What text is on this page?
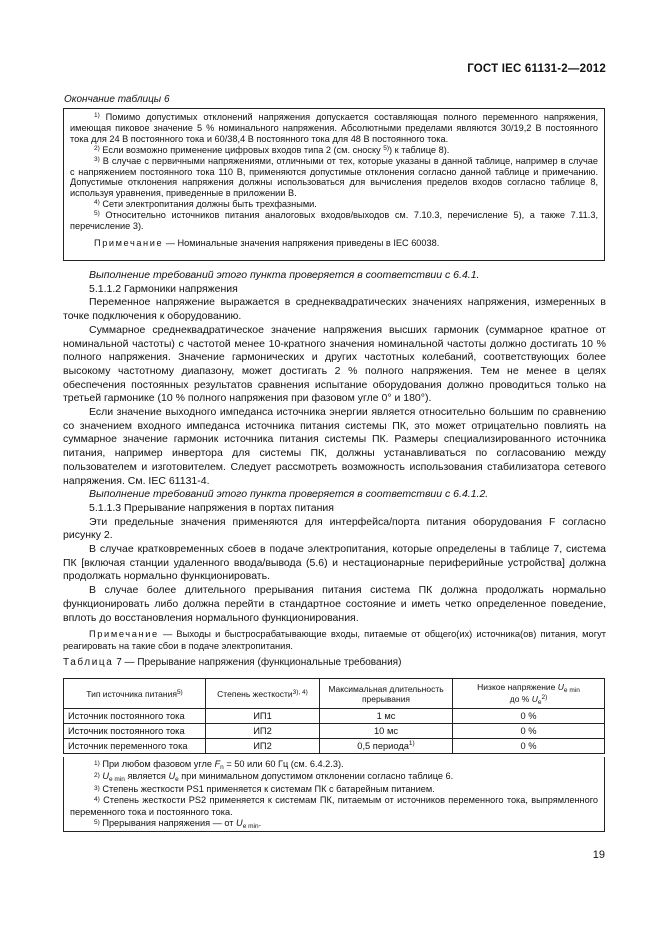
ГОСТ IEC 61131-2—2012
Окончание таблицы 6

$^{1)}$ Помимо допустимых отклонений напряжения допускается составляющая полного переменного напряжения, имеющая пиковое значение 5 % номинального напряжения. Абсолютными пределами являются 30/19,2 В постоянного тока для 24 В постоянного тока и 60/38,4 В постоянного тока для 48 В постоянного тока.

$^{2)}$ Если возможно применение цифровых входов типа 2 (см. сноску $^{5)}$) к таблице 8).

$^{3)}$ В случае с первичными напряжениями, отличными от тех, которые указаны в данной таблице, например в случае с напряжением постоянного тока 110 В, применяются допустимые отклонения согласно данной таблице и примечанию. Допустимые отклонения напряжения должны использоваться для вычисления пределов входов согласно таблице 8, используя уравнения, приведенные в приложении В.

$^{4)}$ Сети электропитания должны быть трехфазными.

$^{5)}$ Относительно источников питания аналоговых входов/выходов см. 7.10.3, перечисление 5), а также 7.11.3, перечисление 3).

Примечание — Номинальные значения напряжения приведены в IEC 60038.

Выполнение требований этого пункта проверяется в соответствии с 6.4.1.

5.1.1.2 Гармоники напряжения

Переменное напряжение выражается в среднеквадратических значениях напряжения, измеренных в точке подключения к оборудованию.

Суммарное среднеквадратическое значение напряжения высших гармоник (суммарное кратное от номинальной частоты) с частотой менее 10-кратного значения номинальной частоты должно достигать 10 % полного напряжения. Значение гармонических и других частотных колебаний, соответствующих более высокому частотному диапазону, может достигать 2 % полного напряжения. Тем не менее в целях обеспечения постоянных результатов сравнения испытание оборудования должно проводиться только на третьей гармонике (10 % полного напряжения при фазовом угле 0° и 180°).

Если значение выходного импеданса источника энергии является относительно большим по сравнению со значением входного импеданса источника питания системы ПК, это может отрицательно повлиять на суммарное значение гармоник источника питания системы ПК. Размеры специализированного источника питания, например инвертора для системы ПК, должны устанавливаться по согласованию между пользователем и изготовителем. Следует рассмотреть возможность использования стабилизатора сетевого напряжения. См. IEC 61131-4.

Выполнение требований этого пункта проверяется в соответствии с 6.4.1.2.

5.1.1.3 Прерывание напряжения в портах питания

Эти предельные значения применяются для интерфейса/порта питания оборудования F согласно рисунку 2.

В случае кратковременных сбоев в подаче электропитания, которые определены в таблице 7, система ПК [включая станции удаленного ввода/вывода (5.6) и нестационарные периферийные устройства] должна продолжать нормально функционировать.

В случае более длительного прерывания питания система ПК должна продолжать нормально функционировать либо должна перейти в стандартное состояние и иметь четко определенное поведение, вплоть до восстановления нормального функционирования.

Примечание — Выходы и быстросрабатывающие входы, питаемые от общего(их) источника(ов) питания, могут реагировать на такие сбои в подаче электропитания.

Таблица 7 — Прерывание напряжения (функциональные требования)
Тип источника питания$^{5)}$	Степень жесткости$^{3), 4)}$	Максимальная длительность прерывания	Низкое напряжение $U_{e min}$
до % $U_e^{2)}$
Источник постоянного тока	ИП1	1 мс	0 %
Источник постоянного тока	ИП2	10 мс	0 %
Источник переменного тока	ИП2	0,5 периода$^{1)}$	0 %

$^{1)}$ При любом фазовом угле $F_n = 50$ или 60 Гц (см. 6.4.2.3).

$^{2)}$ $U_{e min}$ является $U_e$ при минимальном допустимом отклонении согласно таблице 6.

$^{3)}$ Степень жесткости PS1 применяется к системам ПК с батарейным питанием.

$^{4)}$ Степень жесткости PS2 применяется к системам ПК, питаемым от источников переменного тока, выпрямленного переменного тока и постоянного тока.

$^{5)}$ Прерывания напряжения — от $U_{e min}$.

19
